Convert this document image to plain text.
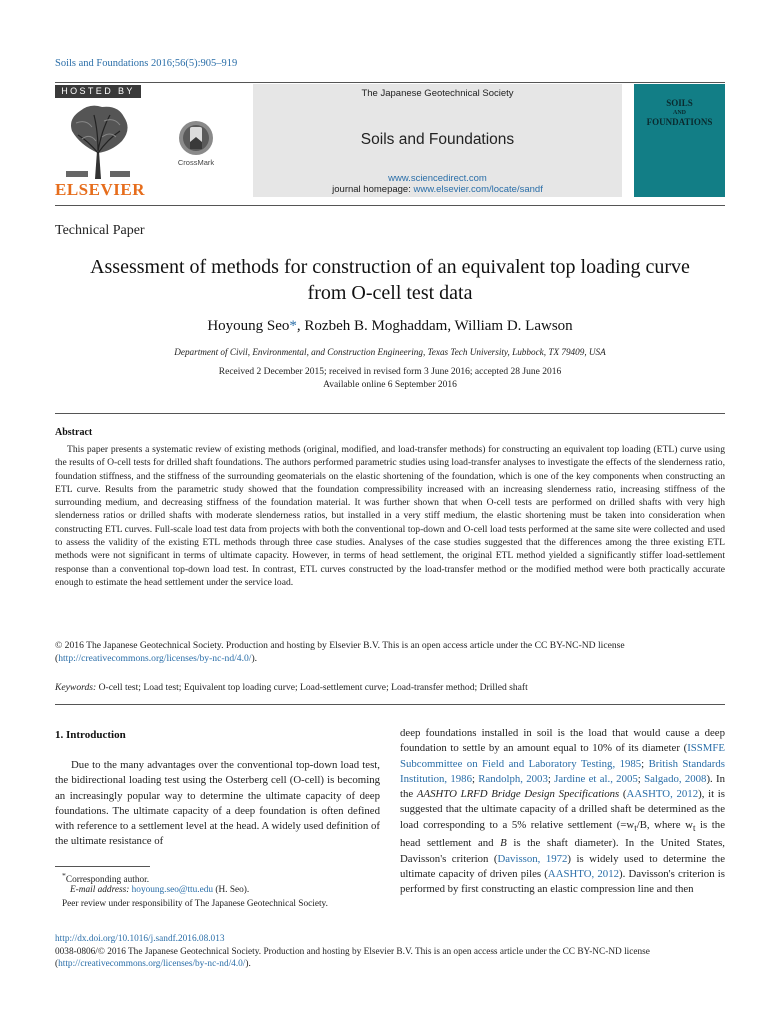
Soils and Foundations 2016;56(5):905–919
HOSTED BY
ELSEVIER
CrossMark
The Japanese Geotechnical Society
Soils and Foundations
www.sciencedirect.com
journal homepage: www.elsevier.com/locate/sandf
SOILS
AND
FOUNDATIONS
Technical Paper
Assessment of methods for construction of an equivalent top loading curve
from O-cell test data
Hoyoung Seo*, Rozbeh B. Moghaddam, William D. Lawson
Department of Civil, Environmental, and Construction Engineering, Texas Tech University, Lubbock, TX 79409, USA
Received 2 December 2015; received in revised form 3 June 2016; accepted 28 June 2016
Available online 6 September 2016
Abstract
This paper presents a systematic review of existing methods (original, modified, and load-transfer methods) for constructing an equivalent top loading (ETL) curve using the results of O-cell tests for drilled shaft foundations. The authors performed parametric studies using load-transfer analyses to investigate the effects of the slenderness ratio, foundation stiffness, and the stiffness of the surrounding geomaterials on the elastic shortening of the foundation, which is one of the key components when constructing an ETL curve. Results from the parametric study showed that the foundation compressibility increased with an increasing slenderness ratio, increasing stiffness of the surrounding medium, and decreasing stiffness of the foundation material. It was further shown that when O-cell tests are performed on drilled shafts with very high slenderness ratios or drilled shafts with moderate slenderness ratios, but installed in a very stiff medium, the elastic shortening must be taken into consideration when constructing ETL curves. Full-scale load test data from projects with both the conventional top-down and O-cell load tests performed at the same site were collected and used to assess the validity of the existing ETL methods through three case studies. Analyses of the case studies suggested that the differences among the three existing ETL methods were not significant in terms of ultimate capacity. However, in terms of head settlement, the original ETL method yielded a significantly stiffer load-settlement response than a conventional top-down load test. In contrast, ETL curves constructed by the load-transfer method or the modified method were both practically accurate enough to estimate the head settlement under the service load.
© 2016 The Japanese Geotechnical Society. Production and hosting by Elsevier B.V. This is an open access article under the CC BY-NC-ND license (http://creativecommons.org/licenses/by-nc-nd/4.0/).
Keywords: O-cell test; Load test; Equivalent top loading curve; Load-settlement curve; Load-transfer method; Drilled shaft
1. Introduction
Due to the many advantages over the conventional top-down load test, the bidirectional loading test using the Osterberg cell (O-cell) is becoming an increasingly popular way to determine the ultimate capacity of deep foundations. The ultimate capacity of a deep foundation is often defined with reference to a settlement level at the head. A widely used definition of the ultimate resistance of
deep foundations installed in soil is the load that would cause a deep foundation to settle by an amount equal to 10% of its diameter (ISSMFE Subcommittee on Field and Laboratory Testing, 1985; British Standards Institution, 1986; Randolph, 2003; Jardine et al., 2005; Salgado, 2008). In the AASHTO LRFD Bridge Design Specifications (AASHTO, 2012), it is suggested that the ultimate capacity of a drilled shaft be determined as the load corresponding to a 5% relative settlement ($=w_t/B$, where $w_t$ is the head settlement and B is the shaft diameter). In the United States, Davisson's criterion (Davisson, 1972) is widely used to determine the ultimate capacity of driven piles (AASHTO, 2012). Davisson's criterion is performed by first constructing an elastic compression line and then
*Corresponding author.
E-mail address: hoyoung.seo@ttu.edu (H. Seo).
Peer review under responsibility of The Japanese Geotechnical Society.
http://dx.doi.org/10.1016/j.sandf.2016.08.013
0038-0806/© 2016 The Japanese Geotechnical Society. Production and hosting by Elsevier B.V. This is an open access article under the CC BY-NC-ND license
(http://creativecommons.org/licenses/by-nc-nd/4.0/).
